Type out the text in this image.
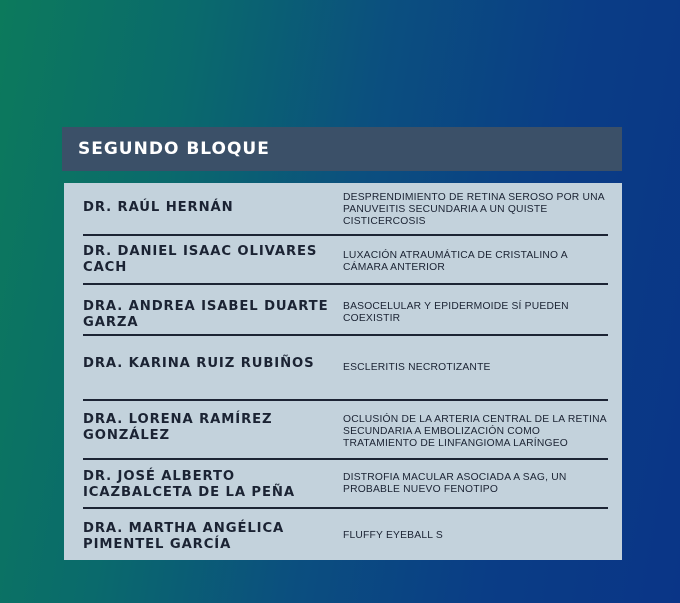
SEGUNDO BLOQUE
DR. RAÚL HERNÁN
DESPRENDIMIENTO DE RETINA SEROSO POR UNA PANUVEITIS SECUNDARIA A UN QUISTE CISTICERCOSIS
DR. DANIEL ISAAC OLIVARES CACH
LUXACIÓN ATRAUMÁTICA DE CRISTALINO A CÁMARA ANTERIOR
DRA. ANDREA ISABEL DUARTE GARZA
BASOCELULAR Y EPIDERMOIDE SÍ PUEDEN COEXISTIR
DRA. KARINA RUIZ RUBIÑOS	ESCLERITIS NECROTIZANTE
DRA. LORENA RAMÍREZ GONZÁLEZ
OCLUSIÓN DE LA ARTERIA CENTRAL DE LA RETINA SECUNDARIA A EMBOLIZACIÓN COMO TRATAMIENTO DE LINFANGIOMA LARÍNGEO
DR. JOSÉ ALBERTO ICAZBALCETA DE LA PEÑA
DISTROFIA MACULAR ASOCIADA A SAG, UN PROBABLE NUEVO FENOTIPO
DRA. MARTHA ANGÉLICA PIMENTEL GARCÍA
FLUFFY EYEBALL S
